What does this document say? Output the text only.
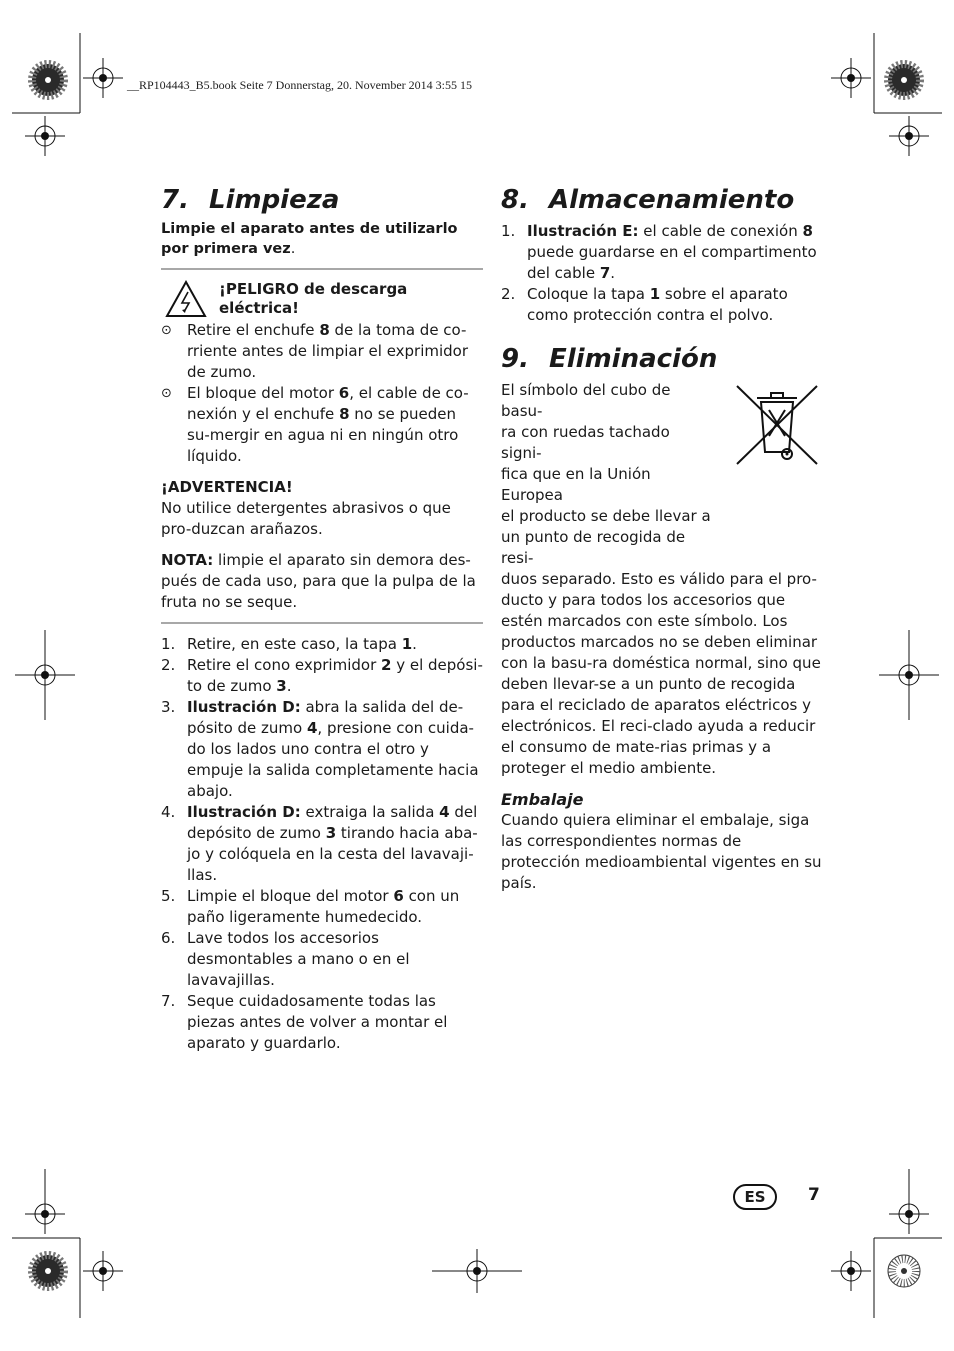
__RP104443_B5.book Seite 7 Donnerstag, 20. November 2014 3:55 15
7. Limpieza
Limpie el aparato antes de utilizarlo por primera vez.
¡PELIGRO de descarga eléctrica!
⊙	Retire el enchufe 8 de la toma de co-rriente antes de limpiar el exprimidor de zumo.
⊙	El bloque del motor 6, el cable de co-nexión y el enchufe 8 no se pueden su-mergir en agua ni en ningún otro líquido.
¡ADVERTENCIA!

No utilice detergentes abrasivos o que pro-duzcan arañazos.

NOTA: limpie el aparato sin demora des-pués de cada uso, para que la pulpa de la fruta no se seque.

1. Retire, en este caso, la tapa 1.
2. Retire el cono exprimidor 2 y el depósi-to de zumo 3.
3. Ilustración D: abra la salida del de-pósito de zumo 4, presione con cuida-do los lados uno contra el otro y empuje la salida completamente hacia abajo.
4. Ilustración D: extraiga la salida 4 del depósito de zumo 3 tirando hacia aba-jo y colóquela en la cesta del lavavaji-llas.
5. Limpie el bloque del motor 6 con un paño ligeramente humedecido.
6. Lave todos los accesorios desmontables a mano o en el lavavajillas.
7. Seque cuidadosamente todas las piezas antes de volver a montar el aparato y guardarlo.
8. Almacenamiento
1. Ilustración E: el cable de conexión 8 puede guardarse en el compartimento del cable 7.
2. Coloque la tapa 1 sobre el aparato como protección contra el polvo.
9. Eliminación
El símbolo del cubo de basu-
ra con ruedas tachado signi-
fica que en la Unión Europea
el producto se debe llevar a
un punto de recogida de resi-
duos separado. Esto es válido para el pro-ducto y para todos los accesorios que estén marcados con este símbolo. Los productos marcados no se deben eliminar con la basu-ra doméstica normal, sino que deben llevar-se a un punto de recogida para el reciclado de aparatos eléctricos y electrónicos. El reci-clado ayuda a reducir el consumo de mate-rias primas y a proteger el medio ambiente.
Embalaje

Cuando quiera eliminar el embalaje, siga las correspondientes normas de protección medioambiental vigentes en su país.

ES	7
